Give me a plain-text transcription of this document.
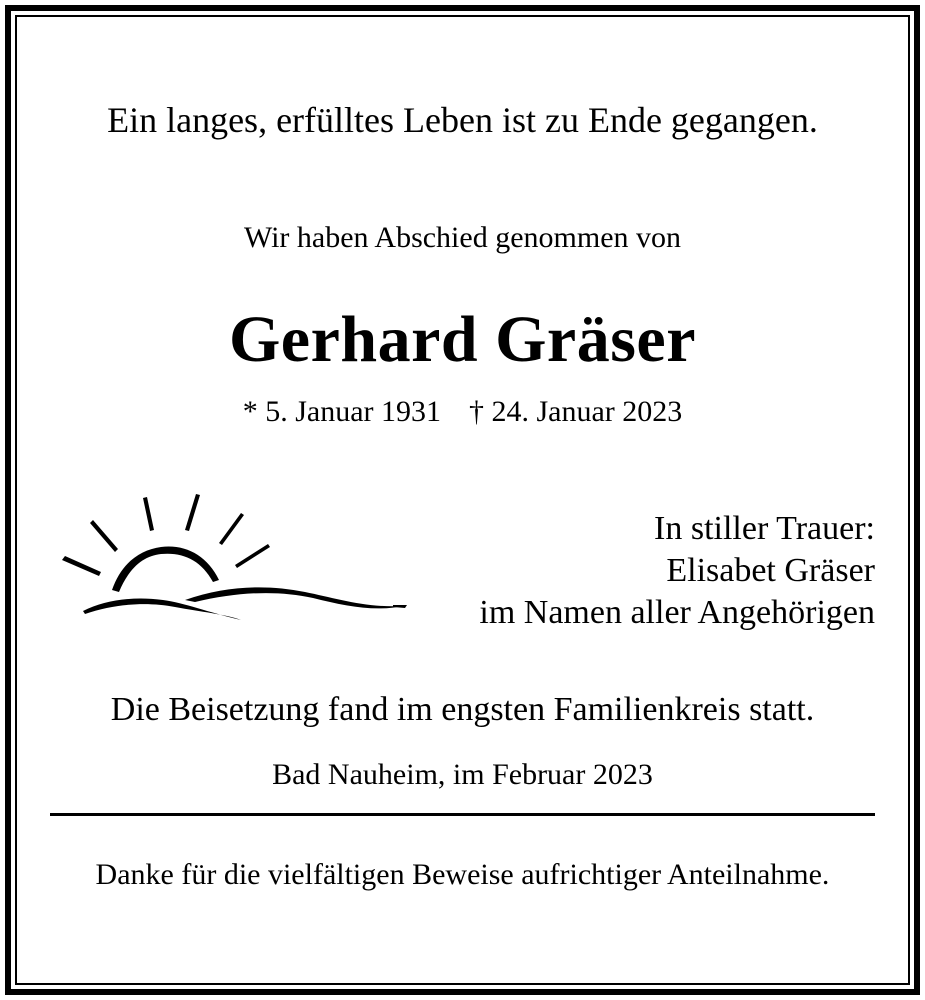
Ein langes, erfülltes Leben ist zu Ende gegangen.
Wir haben Abschied genommen von
Gerhard Gräser
* 5. Januar 1931 † 24. Januar 2023
In stiller Trauer:
Elisabet Gräser
im Namen aller Angehörigen
Die Beisetzung fand im engsten Familienkreis statt.
Bad Nauheim, im Februar 2023
Danke für die vielfältigen Beweise aufrichtiger Anteilnahme.
